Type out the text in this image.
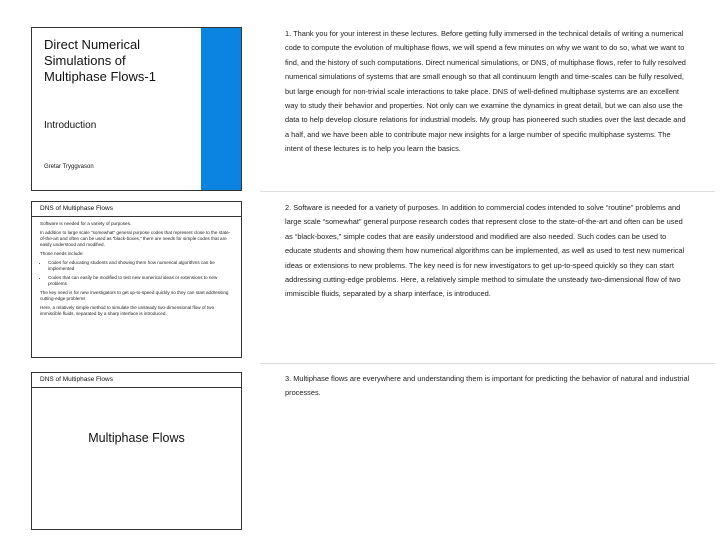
Direct Numerical Simulations of Multiphase Flows-1
Introduction
Gretar Tryggvason
1. Thank you for your interest in these lectures. Before getting fully immersed in the technical details of writing a numerical code to compute the evolution of multiphase flows, we will spend a few minutes on why we want to do so, what we want to find, and the history of such computations. Direct numerical simulations, or DNS, of multiphase flows, refer to fully resolved numerical simulations of systems that are small enough so that all continuum length and time-scales can be fully resolved, but large enough for non-trivial scale interactions to take place. DNS of well-defined multiphase systems are an excellent way to study their behavior and properties. Not only can we examine the dynamics in great detail, but we can also use the data to help develop closure relations for industrial models. My group has pioneered such studies over the last decade and a half, and we have been able to contribute major new insights for a large number of specific multiphase systems. The intent of these lectures is to help you learn the basics.
DNS of Multiphase Flows

Software is needed for a variety of purposes.

In addition to large scale “somewhat” general purpose codes that represent close to the state-of-the-art and often can be used as “black-boxes,” there are needs for simple codes that are easily understood and modified.

Those needs include:

• Codes for educating students and showing them how numerical algorithms can be implemented
• Codes that can easily be modified to test new numerical ideas or extensions to new problems

The key need is for new investigators to get up-to-speed quickly so they can start addressing cutting-edge problems

Here, a relatively simple method to simulate the unsteady two-dimensional flow of two immiscible fluids, separated by a sharp interface is introduced.

2. Software is needed for a variety of purposes. In addition to commercial codes intended to solve “routine” problems and large scale “somewhat” general purpose research codes that represent close to the state-of-the-art and often can be used as “black-boxes,” simple codes that are easily understood and modified are also needed. Such codes can be used to educate students and showing them how numerical algorithms can be implemented, as well as used to test new numerical ideas or extensions to new problems. The key need is for new investigators to get up-to-speed quickly so they can start addressing cutting-edge problems. Here, a relatively simple method to simulate the unsteady two-dimensional flow of two immiscible fluids, separated by a sharp interface, is introduced.
DNS of Multiphase Flows
Multiphase Flows
3. Multiphase flows are everywhere and understanding them is important for predicting the behavior of natural and industrial processes.
